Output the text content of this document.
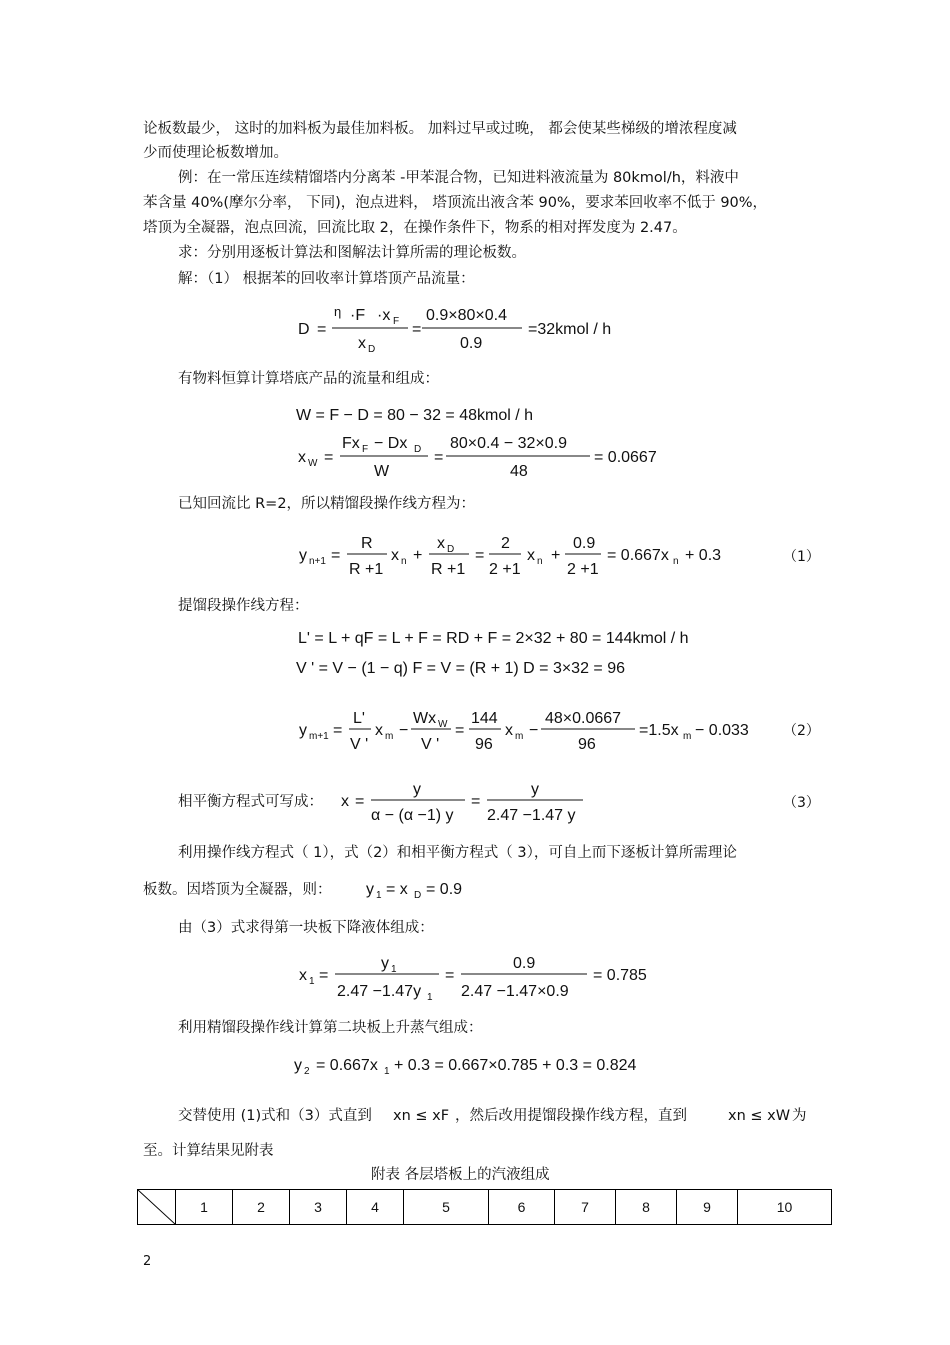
论板数最少， 这时的加料板为最佳加料板。 加料过早或过晚， 都会使某些梯级的增浓程度减
少而使理论板数增加。
例：在一常压连续精馏塔内分离苯 -甲苯混合物，已知进料液流量为 80kmol/h，料液中
苯含量 40%(摩尔分率， 下同)，泡点进料， 塔顶流出液含苯 90%，要求苯回收率不低于 90%，
塔顶为全凝器，泡点回流，回流比取 2，在操作条件下，物系的相对挥发度为 2.47。
求：分别用逐板计算法和图解法计算所需的理论板数。
解：（1） 根据苯的回收率计算塔顶产品流量：
D =
η ·F ·x F
x D
=
0.9×80×0.4
0.9
=32kmol / h
有物料恒算计算塔底产品的流量和组成：
W = F − D = 80 − 32 = 48kmol / h
x W =
Fx F − Dx D
W
=
80×0.4 − 32×0.9
48
= 0.0667
已知回流比 R=2，所以精馏段操作线方程为：
y n+1 =
R
R +1
x n +
x D
R +1
=
2
2 +1
x n +
0.9
2 +1
= 0.667x n + 0.3	（1）
提馏段操作线方程：
L' = L + qF = L + F = RD + F = 2×32 + 80 = 144kmol / h
V ' = V − (1 − q) F = V = (R + 1) D = 3×32 = 96
y m+1 =
L'
V '
x m −
Wx W
V '
=
144
96
x m −
48×0.0667
96
=1.5x m − 0.033 （2）
相平衡方程式可写成： x =
y
α − (α −1) y
=
y
2.47 −1.47 y
（3）
利用操作线方程式（ 1），式（2）和相平衡方程式（ 3），可自上而下逐板计算所需理论
板数。因塔顶为全凝器，则： y 1 = x D = 0.9
由（3）式求得第一块板下降液体组成：
x 1 =
y 1
2.47 −1.47y 1
=
0.9
2.47 −1.47×0.9
= 0.785
利用精馏段操作线计算第二块板上升蒸气组成：
y 2 = 0.667x 1 + 0.3 = 0.667×0.785 + 0.3 = 0.824
交替使用 (1)式和（3）式直到 xn ≤ xF ，然后改用提馏段操作线方程，直到	xn ≤ xW 为
至。计算结果见附表
附表 各层塔板上的汽液组成
	1	2	3	4	5	6	7	8	9	10
2
